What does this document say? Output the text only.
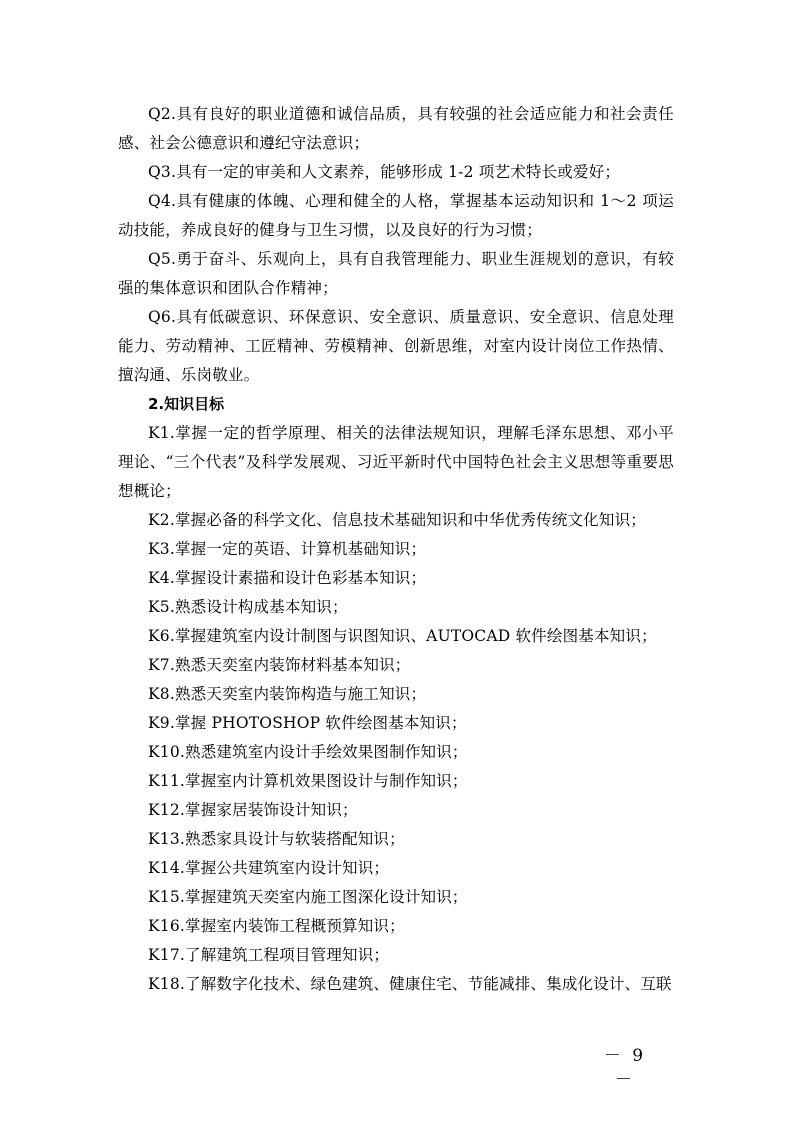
Q2.具有良好的职业道德和诚信品质，具有较强的社会适应能力和社会责任感、社会公德意识和遵纪守法意识；

Q3.具有一定的审美和人文素养，能够形成 1-2 项艺术特长或爱好；

Q4.具有健康的体魄、心理和健全的人格，掌握基本运动知识和 1～2 项运动技能，养成良好的健身与卫生习惯，以及良好的行为习惯；

Q5.勇于奋斗、乐观向上，具有自我管理能力、职业生涯规划的意识，有较强的集体意识和团队合作精神；

Q6.具有低碳意识、环保意识、安全意识、质量意识、安全意识、信息处理能力、劳动精神、工匠精神、劳模精神、创新思维，对室内设计岗位工作热情、擅沟通、乐岗敬业。

2.知识目标

K1.掌握一定的哲学原理、相关的法律法规知识，理解毛泽东思想、邓小平理论、“三个代表”及科学发展观、习近平新时代中国特色社会主义思想等重要思想概论；

K2.掌握必备的科学文化、信息技术基础知识和中华优秀传统文化知识；

K3.掌握一定的英语、计算机基础知识；

K4.掌握设计素描和设计色彩基本知识；

K5.熟悉设计构成基本知识；

K6.掌握建筑室内设计制图与识图知识、AUTOCAD 软件绘图基本知识；

K7.熟悉天奕室内装饰材料基本知识；

K8.熟悉天奕室内装饰构造与施工知识；

K9.掌握 PHOTOSHOP 软件绘图基本知识；

K10.熟悉建筑室内设计手绘效果图制作知识；

K11.掌握室内计算机效果图设计与制作知识；

K12.掌握家居装饰设计知识；

K13.熟悉家具设计与软装搭配知识；

K14.掌握公共建筑室内设计知识；

K15.掌握建筑天奕室内施工图深化设计知识；

K16.掌握室内装饰工程概预算知识；

K17.了解建筑工程项目管理知识；

K18.了解数字化技术、绿色建筑、健康住宅、节能减排、集成化设计、互联

－ 9 －
